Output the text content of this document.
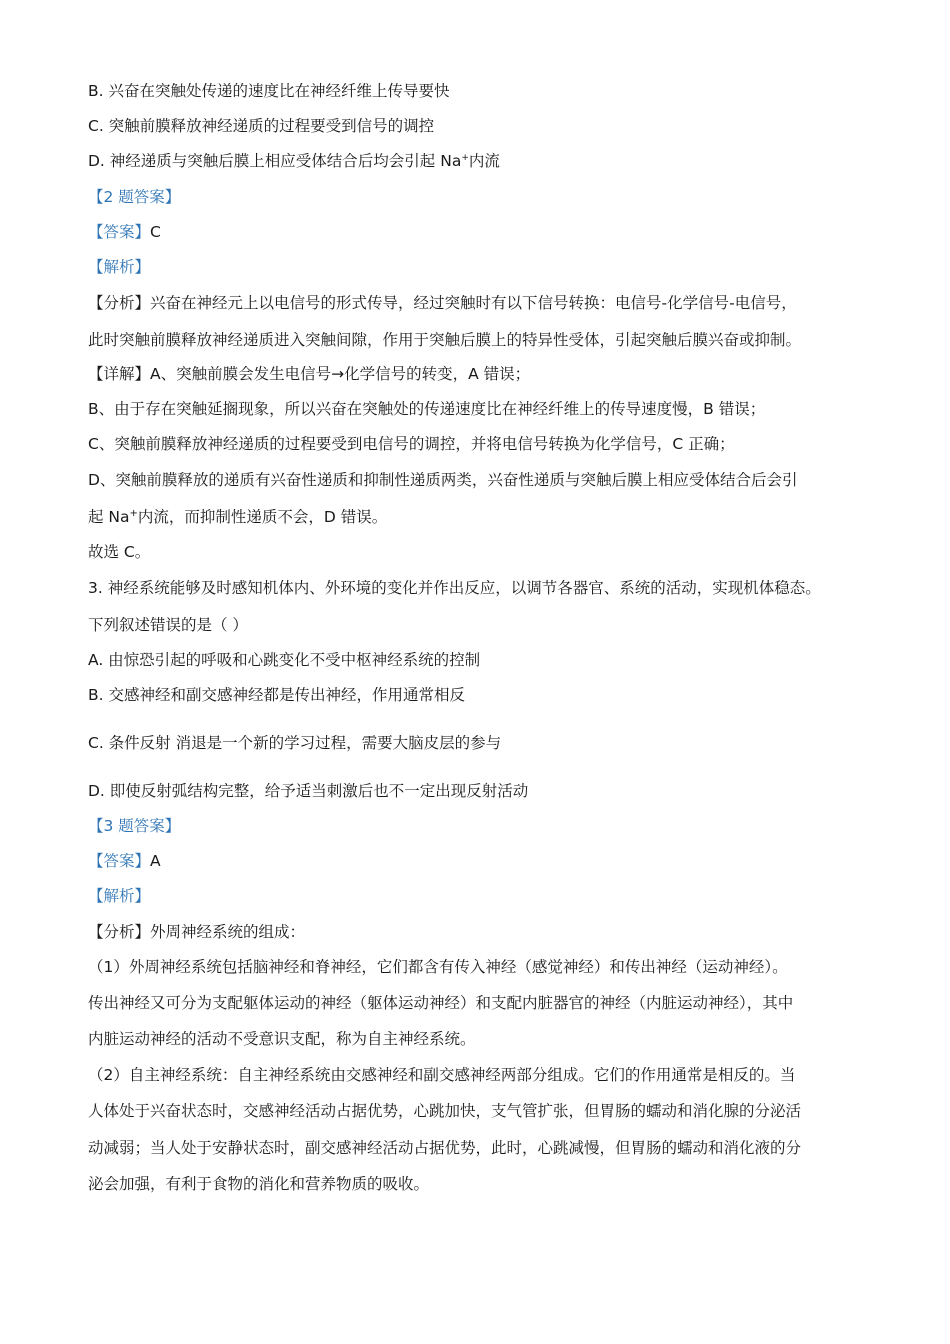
B. 兴奋在突触处传递的速度比在神经纤维上传导要快
C. 突触前膜释放神经递质的过程要受到信号的调控
D. 神经递质与突触后膜上相应受体结合后均会引起 Na+内流
【2 题答案】
【答案】C
【解析】
【分析】兴奋在神经元上以电信号的形式传导，经过突触时有以下信号转换：电信号-化学信号-电信号，
此时突触前膜释放神经递质进入突触间隙，作用于突触后膜上的特异性受体，引起突触后膜兴奋或抑制。
【详解】A、突触前膜会发生电信号→化学信号的转变，A 错误；
B、由于存在突触延搁现象，所以兴奋在突触处的传递速度比在神经纤维上的传导速度慢，B 错误；
C、突触前膜释放神经递质的过程要受到电信号的调控，并将电信号转换为化学信号，C 正确；
D、突触前膜释放的递质有兴奋性递质和抑制性递质两类，兴奋性递质与突触后膜上相应受体结合后会引
起 Na+内流，而抑制性递质不会，D 错误。
故选 C。
3. 神经系统能够及时感知机体内、外环境的变化并作出反应，以调节各器官、系统的活动，实现机体稳态。
下列叙述错误的是（ ）
A. 由惊恐引起的呼吸和心跳变化不受中枢神经系统的控制
B. 交感神经和副交感神经都是传出神经，作用通常相反
C. 条件反射 消退是一个新的学习过程，需要大脑皮层的参与
D. 即使反射弧结构完整，给予适当刺激后也不一定出现反射活动
【3 题答案】
【答案】A
【解析】
【分析】外周神经系统的组成：
（1）外周神经系统包括脑神经和脊神经，它们都含有传入神经（感觉神经）和传出神经（运动神经）。
传出神经又可分为支配躯体运动的神经（躯体运动神经）和支配内脏器官的神经（内脏运动神经），其中
内脏运动神经的活动不受意识支配，称为自主神经系统。
（2）自主神经系统：自主神经系统由交感神经和副交感神经两部分组成。它们的作用通常是相反的。当
人体处于兴奋状态时，交感神经活动占据优势，心跳加快，支气管扩张，但胃肠的蠕动和消化腺的分泌活
动减弱；当人处于安静状态时，副交感神经活动占据优势，此时，心跳减慢，但胃肠的蠕动和消化液的分
泌会加强，有利于食物的消化和营养物质的吸收。
